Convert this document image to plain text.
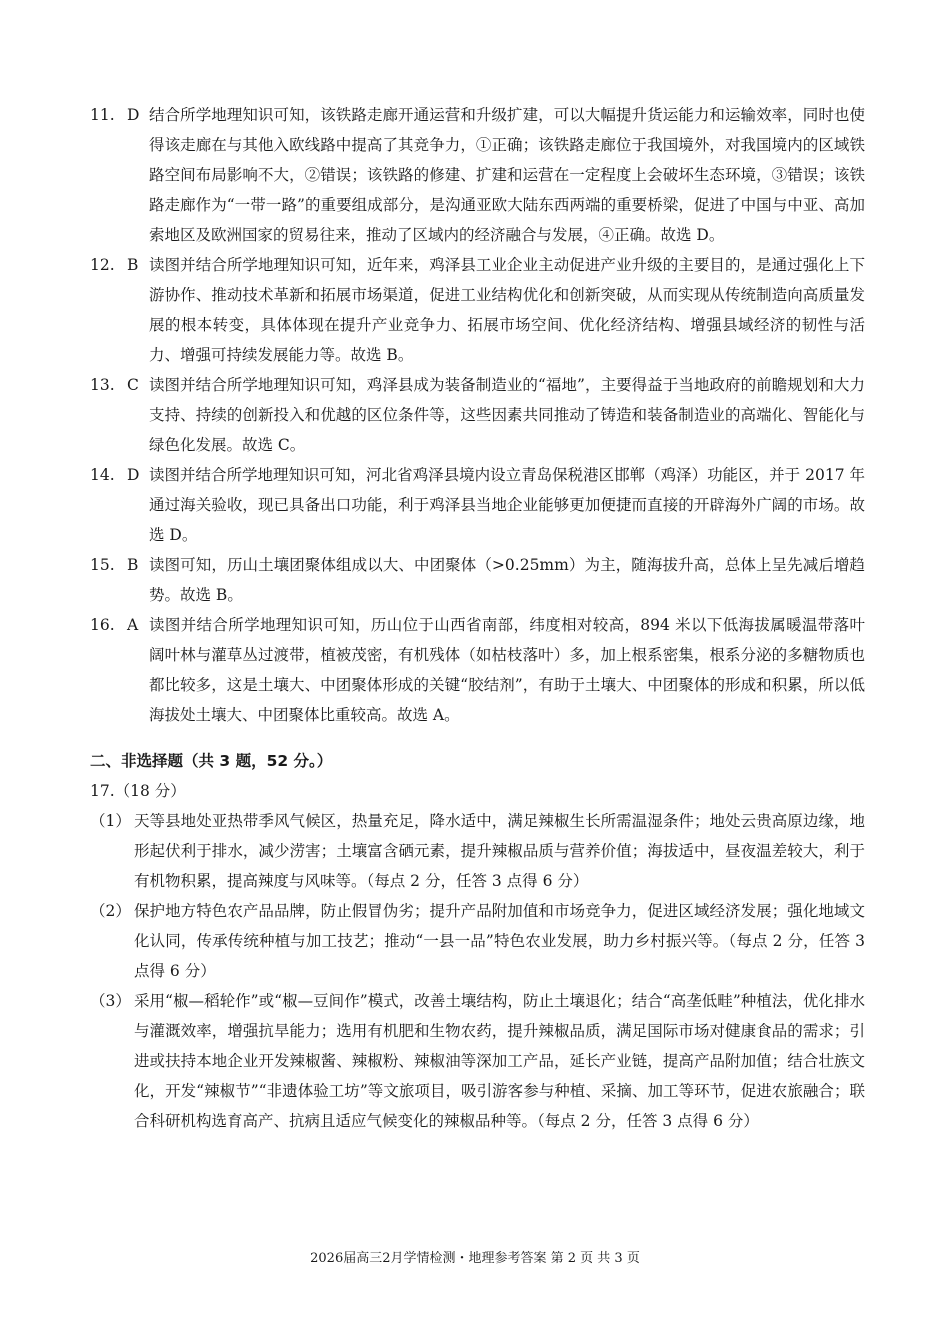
11. D 结合所学地理知识可知，该铁路走廊开通运营和升级扩建，可以大幅提升货运能力和运输效率，同时也使得该走廊在与其他入欧线路中提高了其竞争力，①正确；该铁路走廊位于我国境外，对我国境内的区域铁路空间布局影响不大，②错误；该铁路的修建、扩建和运营在一定程度上会破坏生态环境，③错误；该铁路走廊作为“一带一路”的重要组成部分，是沟通亚欧大陆东西两端的重要桥梁，促进了中国与中亚、高加索地区及欧洲国家的贸易往来，推动了区域内的经济融合与发展，④正确。故选 D。
12. B 读图并结合所学地理知识可知，近年来，鸡泽县工业企业主动促进产业升级的主要目的，是通过强化上下游协作、推动技术革新和拓展市场渠道，促进工业结构优化和创新突破，从而实现从传统制造向高质量发展的根本转变，具体体现在提升产业竞争力、拓展市场空间、优化经济结构、增强县域经济的韧性与活力、增强可持续发展能力等。故选 B。
13. C 读图并结合所学地理知识可知，鸡泽县成为装备制造业的“福地”，主要得益于当地政府的前瞻规划和大力支持、持续的创新投入和优越的区位条件等，这些因素共同推动了铸造和装备制造业的高端化、智能化与绿色化发展。故选 C。
14. D 读图并结合所学地理知识可知，河北省鸡泽县境内设立青岛保税港区邯郸（鸡泽）功能区，并于 2017 年通过海关验收，现已具备出口功能，利于鸡泽县当地企业能够更加便捷而直接的开辟海外广阔的市场。故选 D。
15. B 读图可知，历山土壤团聚体组成以大、中团聚体（>0.25mm）为主，随海拔升高，总体上呈先减后增趋势。故选 B。
16. A 读图并结合所学地理知识可知，历山位于山西省南部，纬度相对较高，894 米以下低海拔属暖温带落叶阔叶林与灌草丛过渡带，植被茂密，有机残体（如枯枝落叶）多，加上根系密集，根系分泌的多糖物质也都比较多，这是土壤大、中团聚体形成的关键“胶结剂”，有助于土壤大、中团聚体的形成和积累，所以低海拔处土壤大、中团聚体比重较高。故选 A。
二、非选择题（共 3 题，52 分。）
17.（18 分）
（1） 天等县地处亚热带季风气候区，热量充足，降水适中，满足辣椒生长所需温湿条件；地处云贵高原边缘，地形起伏利于排水，减少涝害；土壤富含硒元素，提升辣椒品质与营养价值；海拔适中，昼夜温差较大，利于有机物积累，提高辣度与风味等。（每点 2 分，任答 3 点得 6 分）
（2） 保护地方特色农产品品牌，防止假冒伪劣；提升产品附加值和市场竞争力，促进区域经济发展；强化地域文化认同，传承传统种植与加工技艺；推动“一县一品”特色农业发展，助力乡村振兴等。（每点 2 分，任答 3 点得 6 分）
（3） 采用“椒—稻轮作”或“椒—豆间作”模式，改善土壤结构，防止土壤退化；结合“高垄低畦”种植法，优化排水与灌溉效率，增强抗旱能力；选用有机肥和生物农药，提升辣椒品质，满足国际市场对健康食品的需求；引进或扶持本地企业开发辣椒酱、辣椒粉、辣椒油等深加工产品，延长产业链，提高产品附加值；结合壮族文化，开发“辣椒节”“非遗体验工坊”等文旅项目，吸引游客参与种植、采摘、加工等环节，促进农旅融合；联合科研机构选育高产、抗病且适应气候变化的辣椒品种等。（每点 2 分，任答 3 点得 6 分）
2026届高三2月学情检测・地理参考答案 第 2 页 共 3 页
